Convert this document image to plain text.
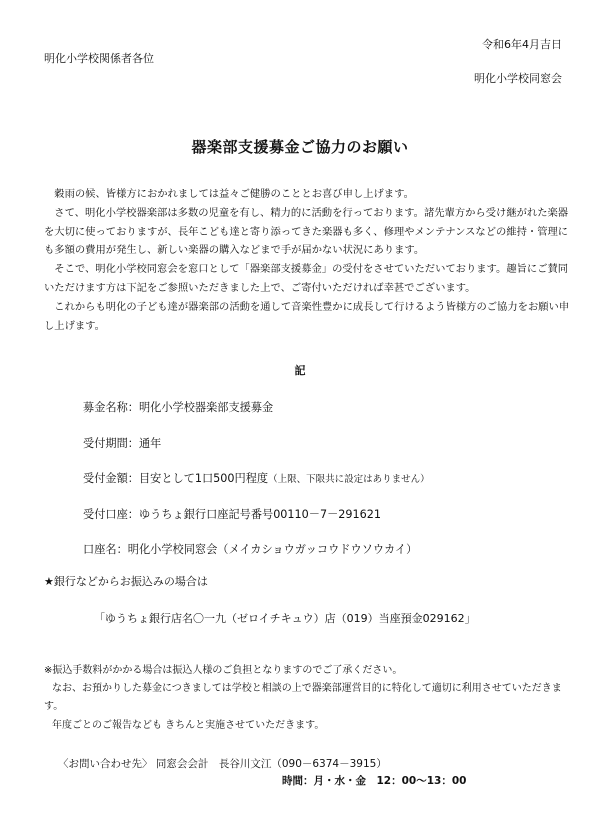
令和6年4月吉日
明化小学校関係者各位
明化小学校同窓会
器楽部支援募金ご協力のお願い

穀雨の候、皆様方におかれましては益々ご健勝のこととお喜び申し上げます。

さて、明化小学校器楽部は多数の児童を有し、精力的に活動を行っております。諸先輩方から受け継がれた楽器を大切に使っておりますが、長年こども達と寄り添ってきた楽器も多く、修理やメンテナンスなどの維持・管理にも多額の費用が発生し、新しい楽器の購入などまで手が届かない状況にあります。

そこで、明化小学校同窓会を窓口として「器楽部支援募金」の受付をさせていただいております。趣旨にご賛同いただけます方は下記をご参照いただきました上で、ご寄付いただければ幸甚でございます。

これからも明化の子ども達が器楽部の活動を通して音楽性豊かに成長して行けるよう皆様方のご協力をお願い申し上げます。

記
募金名称：明化小学校器楽部支援募金
受付期間：通年
受付金額：目安として1口500円程度（上限、下限共に設定はありません）
受付口座：ゆうちょ銀行口座記号番号00110－7－291621
口座名：明化小学校同窓会（メイカショウガッコウドウソウカイ）
★銀行などからお振込みの場合は
「ゆうちょ銀行店名〇一九（ゼロイチキュウ）店（019）当座預金029162」

※振込手数料がかかる場合は振込人様のご負担となりますのでご了承ください。

なお、お預かりした募金につきましては学校と相談の上で器楽部運営目的に特化して適切に利用させていただきます。

年度ごとのご報告なども きちんと実施させていただきます。

〈お問い合わせ先〉 同窓会会計　長谷川文江（090－6374－3915）
時間：月・水・金　12：00～13：00
